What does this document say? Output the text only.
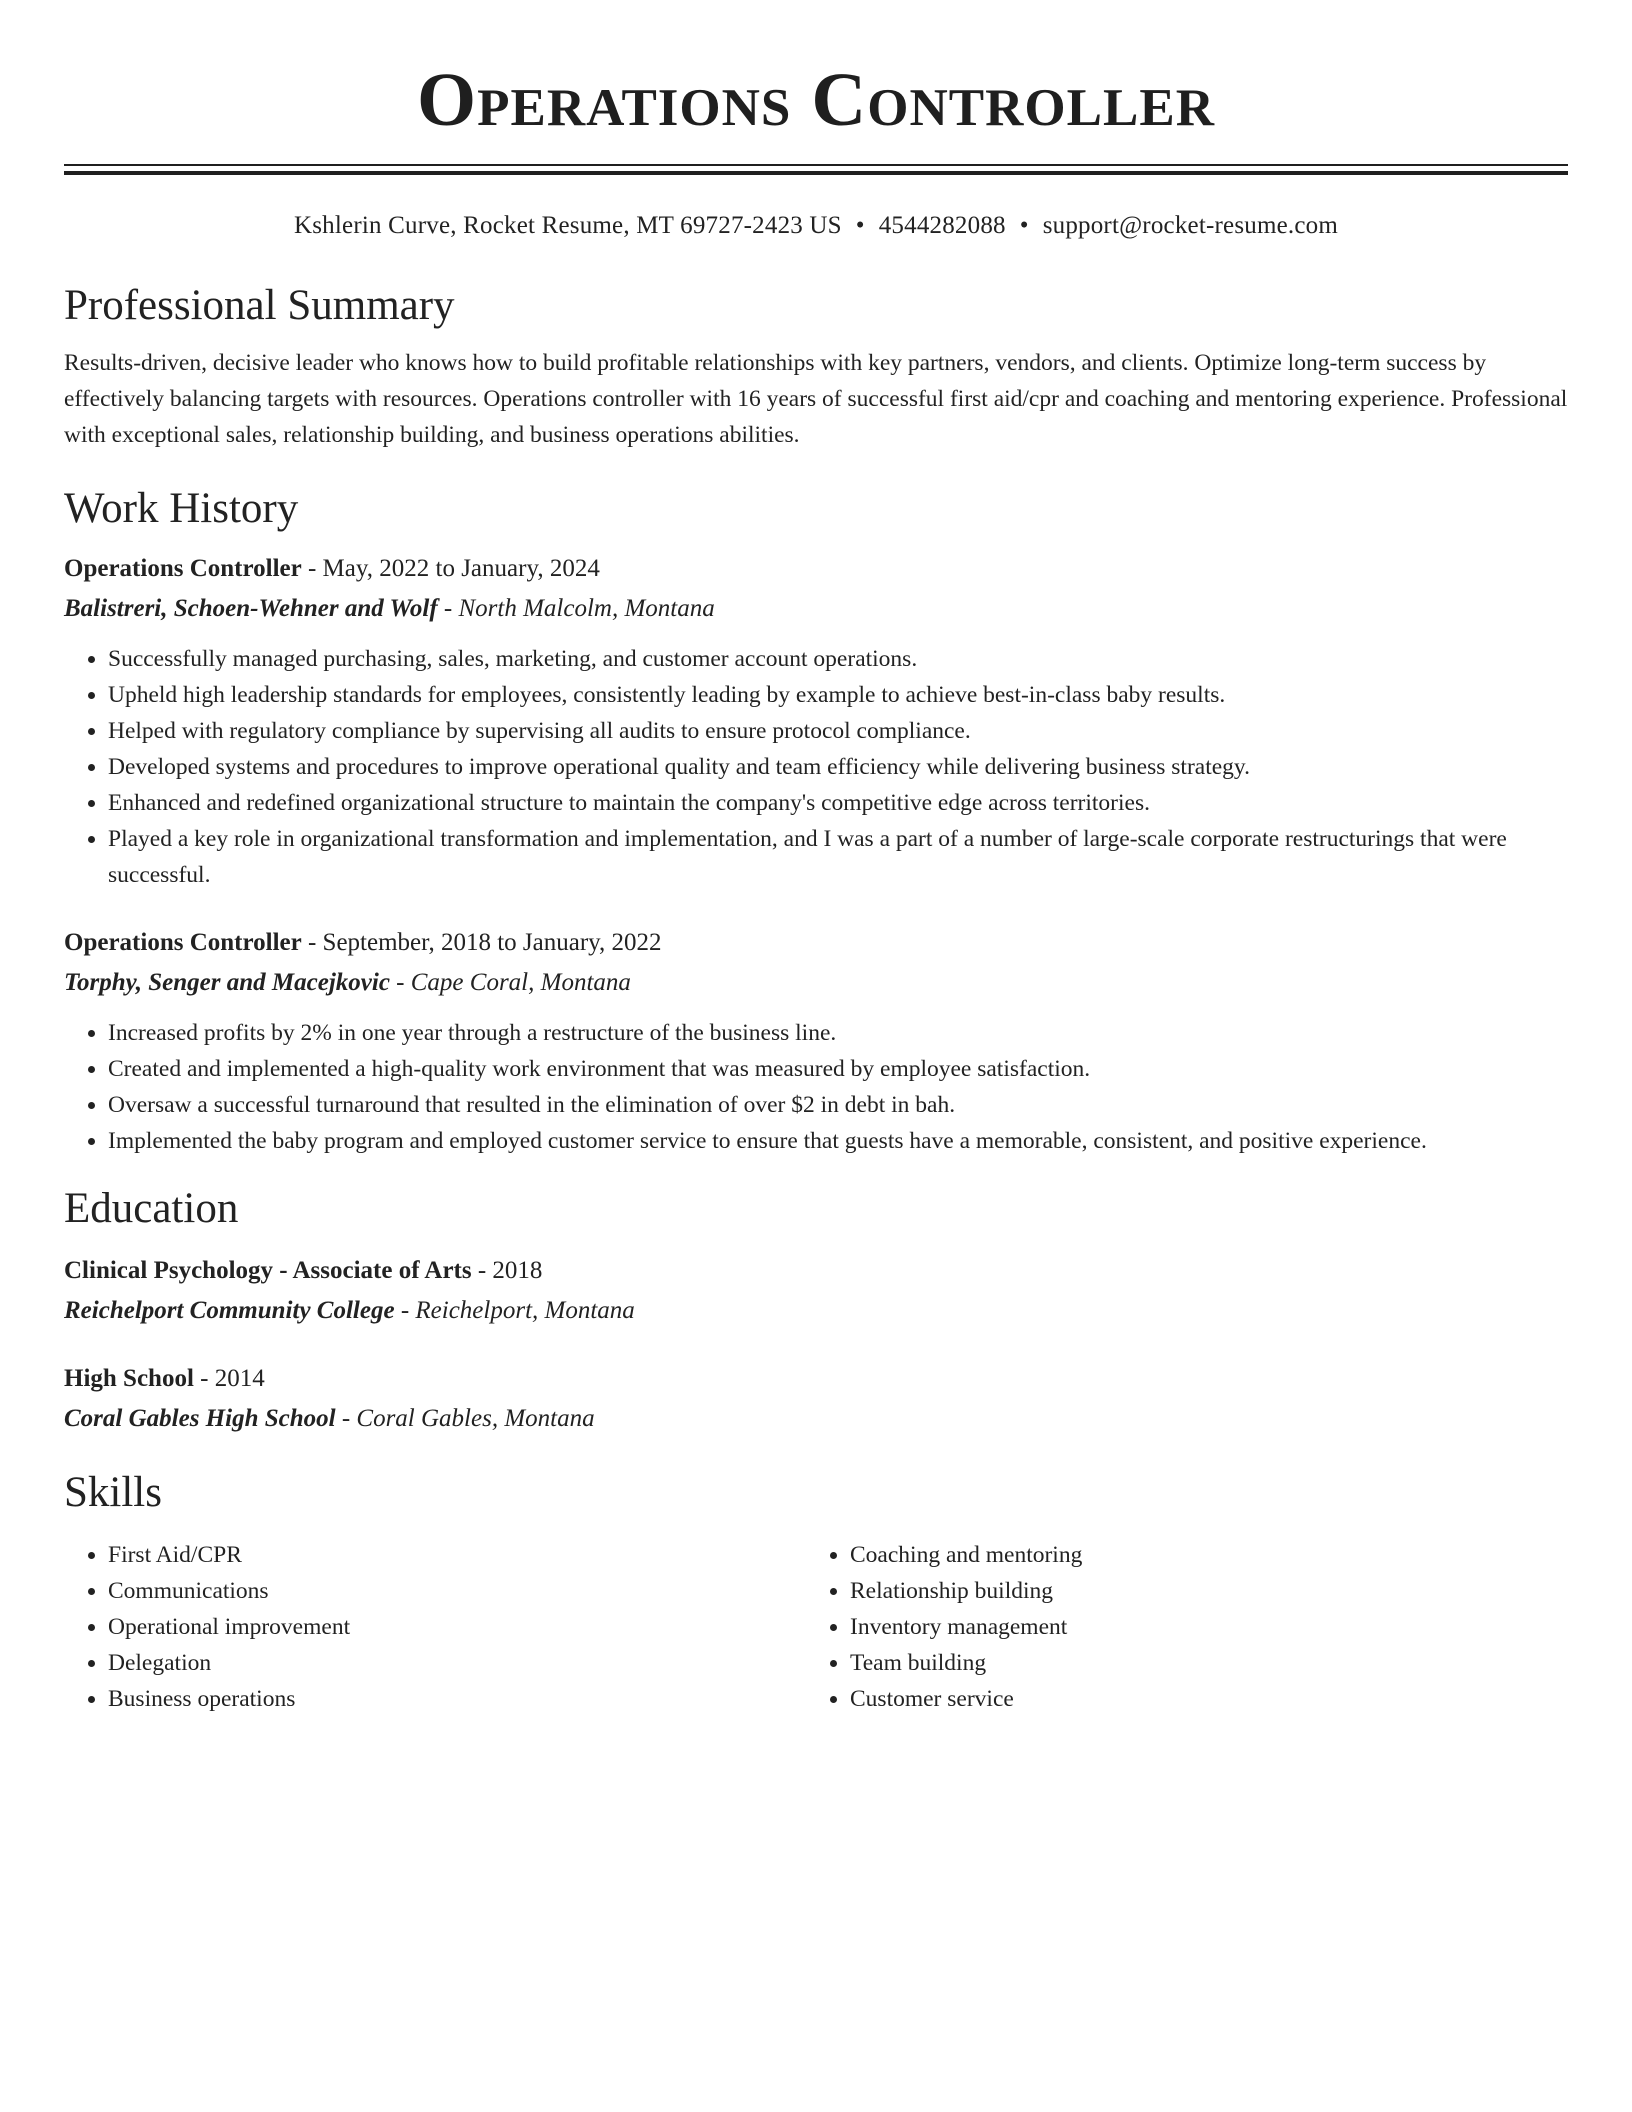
Operations Controller
Kshlerin Curve, Rocket Resume, MT 69727-2423 US • 4544282088 • support@rocket-resume.com
Professional Summary
Results-driven, decisive leader who knows how to build profitable relationships with key partners, vendors, and clients. Optimize long-term success by effectively balancing targets with resources. Operations controller with 16 years of successful first aid/cpr and coaching and mentoring experience. Professional with exceptional sales, relationship building, and business operations abilities.
Work History
Operations Controller - May, 2022 to January, 2024
Balistreri, Schoen-Wehner and Wolf - North Malcolm, Montana
• Successfully managed purchasing, sales, marketing, and customer account operations.
• Upheld high leadership standards for employees, consistently leading by example to achieve best-in-class baby results.
• Helped with regulatory compliance by supervising all audits to ensure protocol compliance.
• Developed systems and procedures to improve operational quality and team efficiency while delivering business strategy.
• Enhanced and redefined organizational structure to maintain the company's competitive edge across territories.
• Played a key role in organizational transformation and implementation, and I was a part of a number of large-scale corporate restructurings that were successful.
Operations Controller - September, 2018 to January, 2022
Torphy, Senger and Macejkovic - Cape Coral, Montana
• Increased profits by 2% in one year through a restructure of the business line.
• Created and implemented a high-quality work environment that was measured by employee satisfaction.
• Oversaw a successful turnaround that resulted in the elimination of over $2 in debt in bah.
• Implemented the baby program and employed customer service to ensure that guests have a memorable, consistent, and positive experience.
Education
Clinical Psychology - Associate of Arts - 2018
Reichelport Community College - Reichelport, Montana
High School - 2014
Coral Gables High School - Coral Gables, Montana
Skills
• First Aid/CPR
• Communications
• Operational improvement
• Delegation
• Business operations
• Coaching and mentoring
• Relationship building
• Inventory management
• Team building
• Customer service
